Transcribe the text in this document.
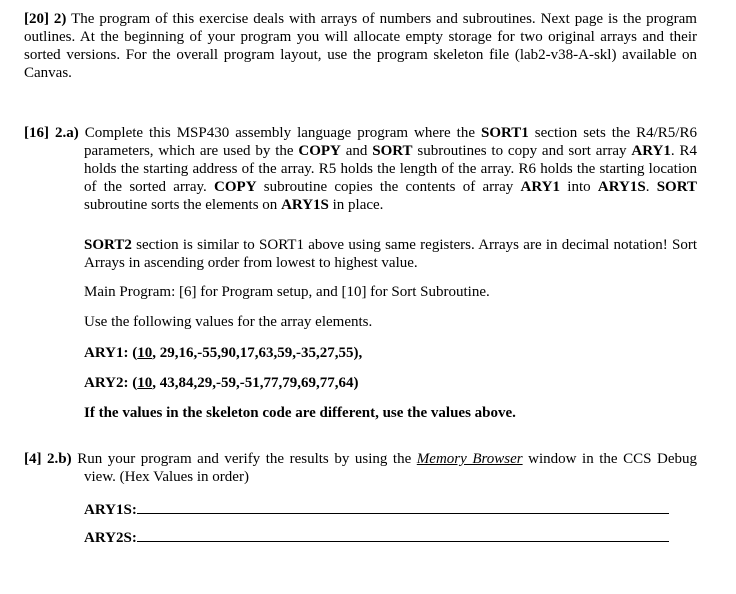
[20] 2) The program of this exercise deals with arrays of numbers and subroutines. Next page is the program outlines. At the beginning of your program you will allocate empty storage for two original arrays and their sorted versions. For the overall program layout, use the program skeleton file (lab2-v38-A-skl) available on Canvas.

[16] 2.a) Complete this MSP430 assembly language program where the SORT1 section sets the R4/R5/R6 parameters, which are used by the COPY and SORT subroutines to copy and sort array ARY1. R4 holds the starting address of the array. R5 holds the length of the array. R6 holds the starting location of the sorted array. COPY subroutine copies the contents of array ARY1 into ARY1S. SORT subroutine sorts the elements on ARY1S in place.

SORT2 section is similar to SORT1 above using same registers. Arrays are in decimal notation! Sort Arrays in ascending order from lowest to highest value.

Main Program: [6] for Program setup, and [10] for Sort Subroutine.

Use the following values for the array elements.

ARY1: (10, 29,16,-55,90,17,63,59,-35,27,55),

ARY2: (10, 43,84,29,-59,-51,77,79,69,77,64)

If the values in the skeleton code are different, use the values above.

[4] 2.b) Run your program and verify the results by using the Memory Browser window in the CCS Debug view. (Hex Values in order)

ARY1S:

ARY2S:
